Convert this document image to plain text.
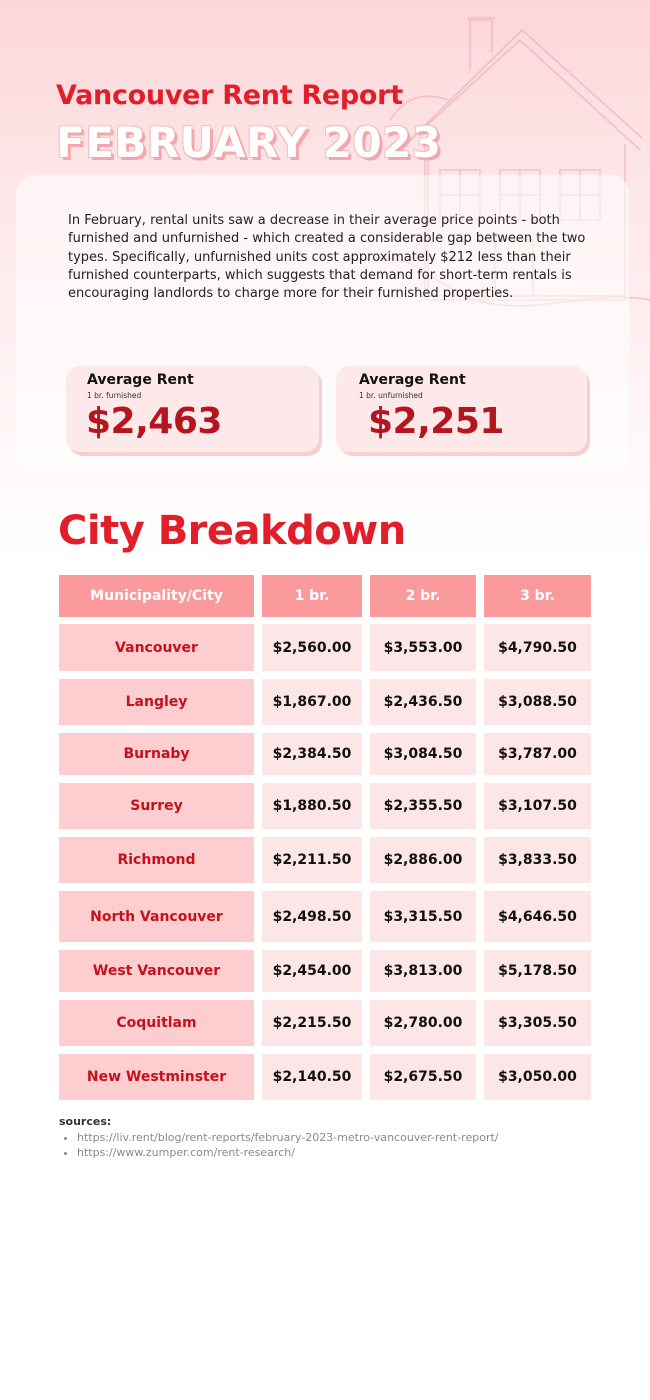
Vancouver Rent Report
FEBRUARY 2023

In February, rental units saw a decrease in their average price points - both furnished and unfurnished - which created a considerable gap between the two types. Specifically, unfurnished units cost approximately $212 less than their furnished counterparts, which suggests that demand for short-term rentals is encouraging landlords to charge more for their furnished properties.

Average Rent
1 br. furnished
$2,463
Average Rent
1 br. unfurnished
$2,251
City Breakdown
Municipality/City	1 br.	2 br.	3 br.
Vancouver	$2,560.00	$3,553.00	$4,790.50
Langley	$1,867.00	$2,436.50	$3,088.50
Burnaby	$2,384.50	$3,084.50	$3,787.00
Surrey	$1,880.50	$2,355.50	$3,107.50
Richmond	$2,211.50	$2,886.00	$3,833.50
North Vancouver	$2,498.50	$3,315.50	$4,646.50
West Vancouver	$2,454.00	$3,813.00	$5,178.50
Coquitlam	$2,215.50	$2,780.00	$3,305.50
New Westminster	$2,140.50	$2,675.50	$3,050.00

sources:

• https://liv.rent/blog/rent-reports/february-2023-metro-vancouver-rent-report/
• https://www.zumper.com/rent-research/
